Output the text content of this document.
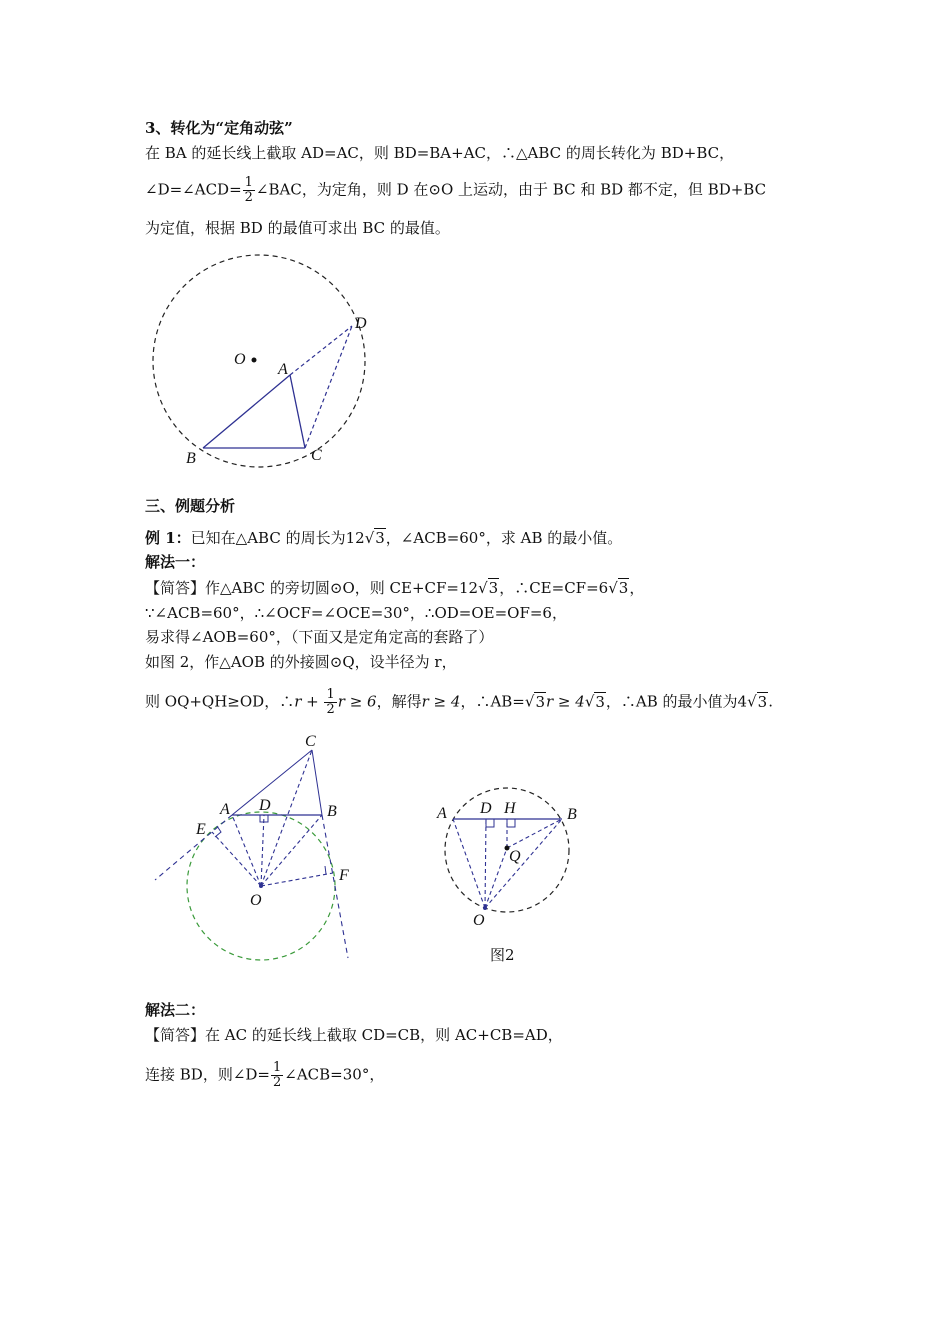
3、转化为“定角动弦”
在 BA 的延长线上截取 AD=AC，则 BD=BA+AC，∴△ABC 的周长转化为 BD+BC，
∠D=∠ACD= $\frac{1}{2}$ ∠BAC，为定角，则 D 在⊙O 上运动，由于 BC 和 BD 都不定，但 BD+BC
为定值，根据 BD 的最值可求出 BC 的最值。
O
A
B	C
D
三、例题分析
例 1：已知在△ABC 的周长为12√3，∠ACB=60°，求 AB 的最小值。
解法一：
【简答】作△ABC 的旁切圆⊙O，则 CE+CF=12√3，∴CE=CF=6√3，
∵∠ACB=60°，∴∠OCF=∠OCE=30°，∴OD=OE=OF=6，
易求得∠AOB=60°，（下面又是定角定高的套路了）
如图 2，作△AOB 的外接圆⊙Q，设半径为 r，
则 OQ+QH≥OD，∴r + $\frac{1}{2}$ r ≥ 6，解得r ≥ 4，∴AB=√3r ≥ 4√3，∴AB 的最小值为4√3.
C
A D	B
E
F
O
A D H	B
Q
O
图2
解法二：
【简答】在 AC 的延长线上截取 CD=CB，则 AC+CB=AD，
连接 BD，则∠D= $\frac{1}{2}$ ∠ACB=30°，
